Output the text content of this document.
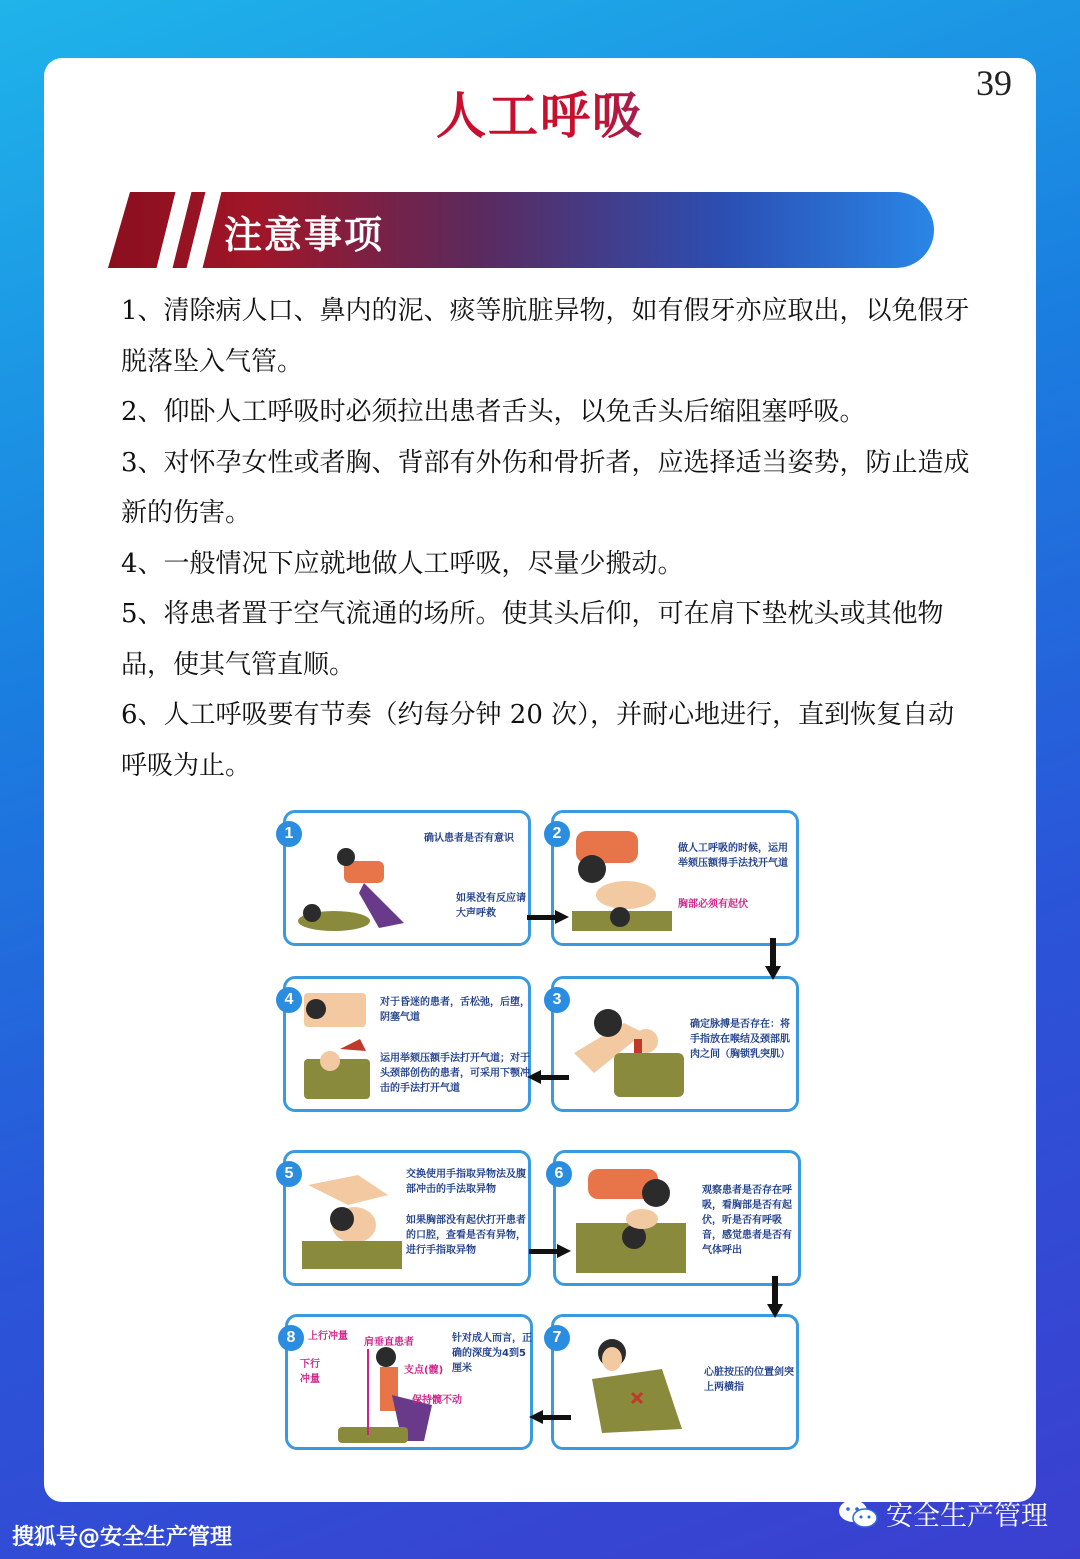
人工呼吸
注意事项
1、清除病人口、鼻内的泥、痰等肮脏异物，如有假牙亦应取出，以免假牙脱落坠入气管。
2、仰卧人工呼吸时必须拉出患者舌头，以免舌头后缩阻塞呼吸。
3、对怀孕女性或者胸、背部有外伤和骨折者，应选择适当姿势，防止造成新的伤害。
4、一般情况下应就地做人工呼吸，尽量少搬动。
5、将患者置于空气流通的场所。使其头后仰，可在肩下垫枕头或其他物品，使其气管直顺。
6、人工呼吸要有节奏（约每分钟 20 次），并耐心地进行，直到恢复自动呼吸为止。
1	确认患者是否有意识
如果没有反应请大声呼救
2
做人工呼吸的时候，运用举颏压额得手法找开气道
胸部必须有起伏
4	对于昏迷的患者，舌松弛，后堕，阴塞气道
运用举颏压额手法打开气道；对于头颈部创伤的患者，可采用下颚冲击的手法打开气道
3
确定脉搏是否存在：将手指放在喉结及颈部肌肉之间（胸锁乳突肌）
5	交换使用手指取异物法及腹部冲击的手法取异物
如果胸部没有起伏打开患者的口腔，查看是否有异物，进行手指取异物
6
观察患者是否存在呼吸，看胸部是否有起伏，听是否有呼吸音，感觉患者是否有气体呼出
8	上行冲量
肩垂直患者
下行冲量
支点(髋)
保持髋不动
针对成人而言，正确的深度为4到5厘米
7
心脏按压的位置剑突上两横指
搜狐号@安全生产管理
安全生产管理
